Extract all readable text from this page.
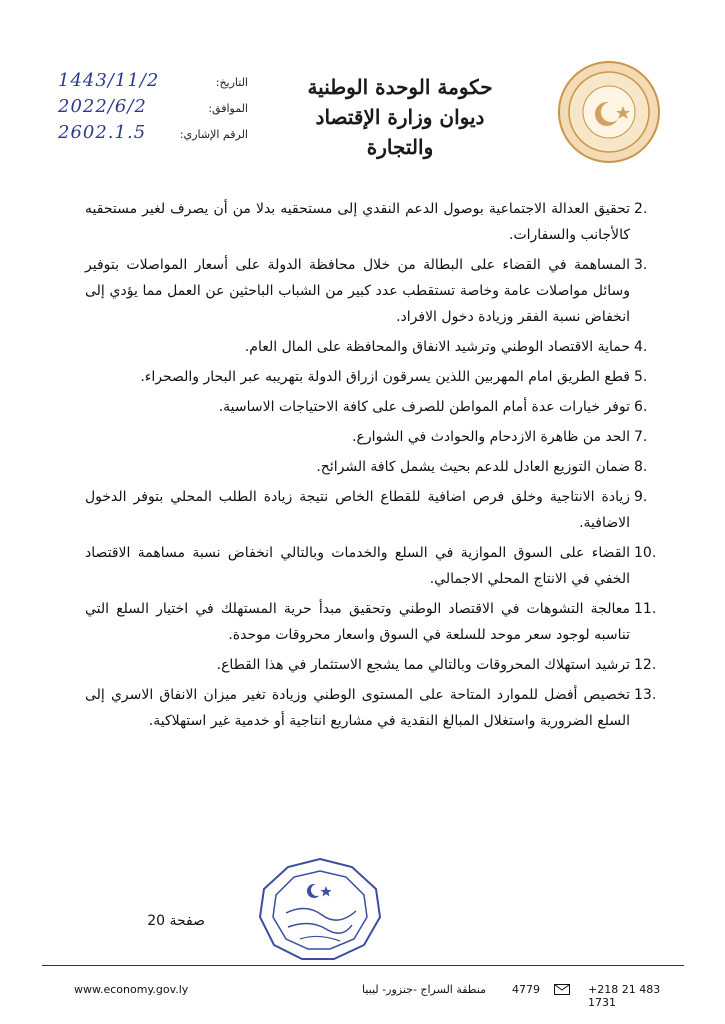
حكومة الوحدة الوطنية
ديوان وزارة الإقتصاد والتجارة
التاريخ:
1443/11/2
الموافق:
2022/6/2
الرقم الإشاري:
2602.1.5
2.
تحقيق العدالة الاجتماعية بوصول الدعم النقدي إلى مستحقيه بدلا من أن يصرف لغير مستحقيه كالأجانب والسفارات.
3.
المساهمة في القضاء على البطالة من خلال محافظة الدولة على أسعار المواصلات بتوفير وسائل مواصلات عامة وخاصة تستقطب عدد كبير من الشباب الباحثين عن العمل مما يؤدي إلى انخفاض نسبة الفقر وزيادة دخول الافراد.
4.
حماية الاقتصاد الوطني وترشيد الانفاق والمحافظة على المال العام.
5.
قطع الطريق امام المهربين اللذين يسرقون ازراق الدولة بتهريبه عبر البحار والصحراء.
6.
توفر خيارات عدة أمام المواطن للصرف على كافة الاحتياجات الاساسية.
7.
الحد من ظاهرة الازدحام والحوادث في الشوارع.
8.
ضمان التوزيع العادل للدعم بحيث يشمل كافة الشرائح.
9.
زيادة الانتاجية وخلق فرص اضافية للقطاع الخاص نتيجة زيادة الطلب المحلي بتوفر الدخول الاضافية.
10.
القضاء على السوق الموازية في السلع والخدمات وبالتالي انخفاض نسبة مساهمة الاقتصاد الخفي في الانتاج المحلي الاجمالي.
11.
معالجة التشوهات في الاقتصاد الوطني وتحقيق مبدأ حرية المستهلك في اختيار السلع التي تناسبه لوجود سعر موحد للسلعة في السوق واسعار محروقات موحدة.
12.
ترشيد استهلاك المحروقات وبالتالي مما يشجع الاستثمار في هذا القطاع.
13.
تخصيص أفضل للموارد المتاحة على المستوى الوطني وزيادة تغير ميزان الانفاق الاسري إلى السلع الضرورية واستغلال المبالغ النقدية في مشاريع انتاجية أو خدمية غير استهلاكية.
صفحة 20
www.economy.gov.ly	منطقة السراج -جنزور- ليبيا 4779	+218 21 483 1731
